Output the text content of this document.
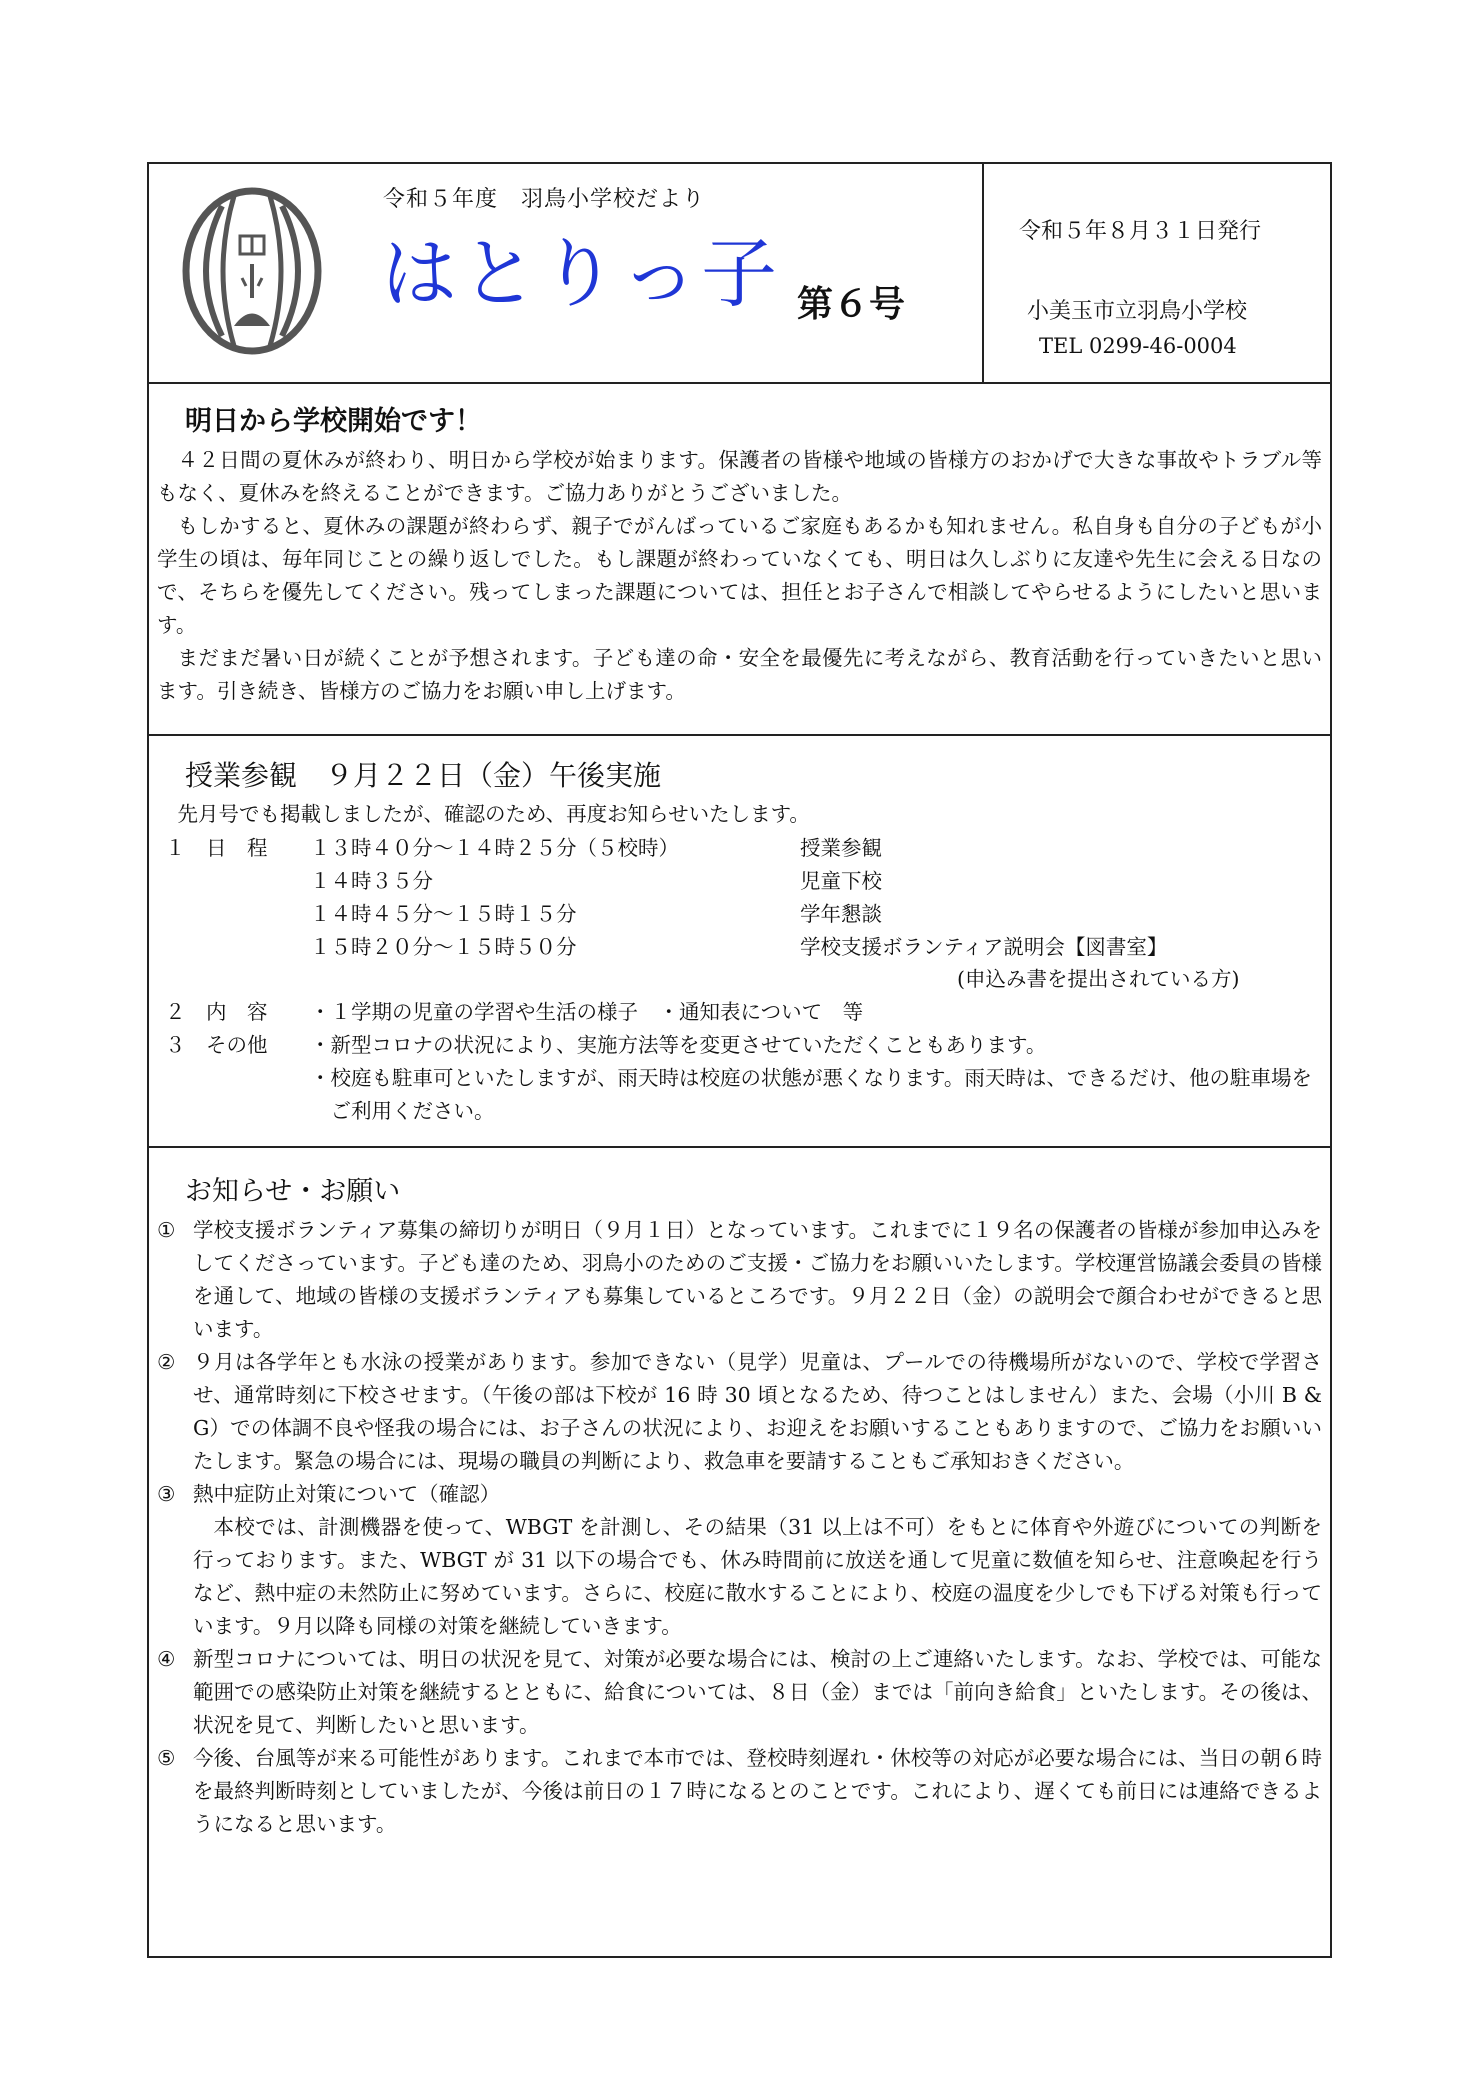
令和５年度　羽鳥小学校だより
はとりっ子 第６号
令和５年８月３１日発行
小美玉市立羽鳥小学校
TEL 0299-46-0004
明日から学校開始です！

４２日間の夏休みが終わり、明日から学校が始まります。保護者の皆様や地域の皆様方のおかげで大きな事故やトラブル等もなく、夏休みを終えることができます。ご協力ありがとうございました。

もしかすると、夏休みの課題が終わらず、親子でがんばっているご家庭もあるかも知れません。私自身も自分の子どもが小学生の頃は、毎年同じことの繰り返しでした。もし課題が終わっていなくても、明日は久しぶりに友達や先生に会える日なので、そちらを優先してください。残ってしまった課題については、担任とお子さんで相談してやらせるようにしたいと思います。

まだまだ暑い日が続くことが予想されます。子ども達の命・安全を最優先に考えながら、教育活動を行っていきたいと思います。引き続き、皆様方のご協力をお願い申し上げます。

授業参観　９月２２日（金）午後実施

先月号でも掲載しましたが、確認のため、再度お知らせいたします。

１　日　程	１３時４０分～１４時２５分（５校時）	授業参観
	１４時３５分	児童下校
	１４時４５分～１５時１５分	学年懇談
	１５時２０分～１５時５０分	学校支援ボランティア説明会【図書室】
(申込み書を提出されている方)
２　内　容	・１学期の児童の学習や生活の様子　・通知表について　等
３　その他	・新型コロナの状況により、実施方法等を変更させていただくこともあります。
・校庭も駐車可といたしますが、雨天時は校庭の状態が悪くなります。雨天時は、できるだけ、他の駐車場をご利用ください。
お知らせ・お願い
① 学校支援ボランティア募集の締切りが明日（９月１日）となっています。これまでに１９名の保護者の皆様が参加申込みをしてくださっています。子ども達のため、羽鳥小のためのご支援・ご協力をお願いいたします。学校運営協議会委員の皆様を通して、地域の皆様の支援ボランティアも募集しているところです。９月２２日（金）の説明会で顔合わせができると思います。
② ９月は各学年とも水泳の授業があります。参加できない（見学）児童は、プールでの待機場所がないので、学校で学習させ、通常時刻に下校させます。（午後の部は下校が 16 時 30 頃となるため、待つことはしません）また、会場（小川 B & G）での体調不良や怪我の場合には、お子さんの状況により、お迎えをお願いすることもありますので、ご協力をお願いいたします。緊急の場合には、現場の職員の判断により、救急車を要請することもご承知おきください。
③ 熱中症防止対策について（確認）
本校では、計測機器を使って、WBGT を計測し、その結果（31 以上は不可）をもとに体育や外遊びについての判断を行っております。また、WBGT が 31 以下の場合でも、休み時間前に放送を通して児童に数値を知らせ、注意喚起を行うなど、熱中症の未然防止に努めています。さらに、校庭に散水することにより、校庭の温度を少しでも下げる対策も行っています。９月以降も同様の対策を継続していきます。
④ 新型コロナについては、明日の状況を見て、対策が必要な場合には、検討の上ご連絡いたします。なお、学校では、可能な範囲での感染防止対策を継続するとともに、給食については、８日（金）までは「前向き給食」といたします。その後は、状況を見て、判断したいと思います。
⑤ 今後、台風等が来る可能性があります。これまで本市では、登校時刻遅れ・休校等の対応が必要な場合には、当日の朝６時を最終判断時刻としていましたが、今後は前日の１７時になるとのことです。これにより、遅くても前日には連絡できるようになると思います。
